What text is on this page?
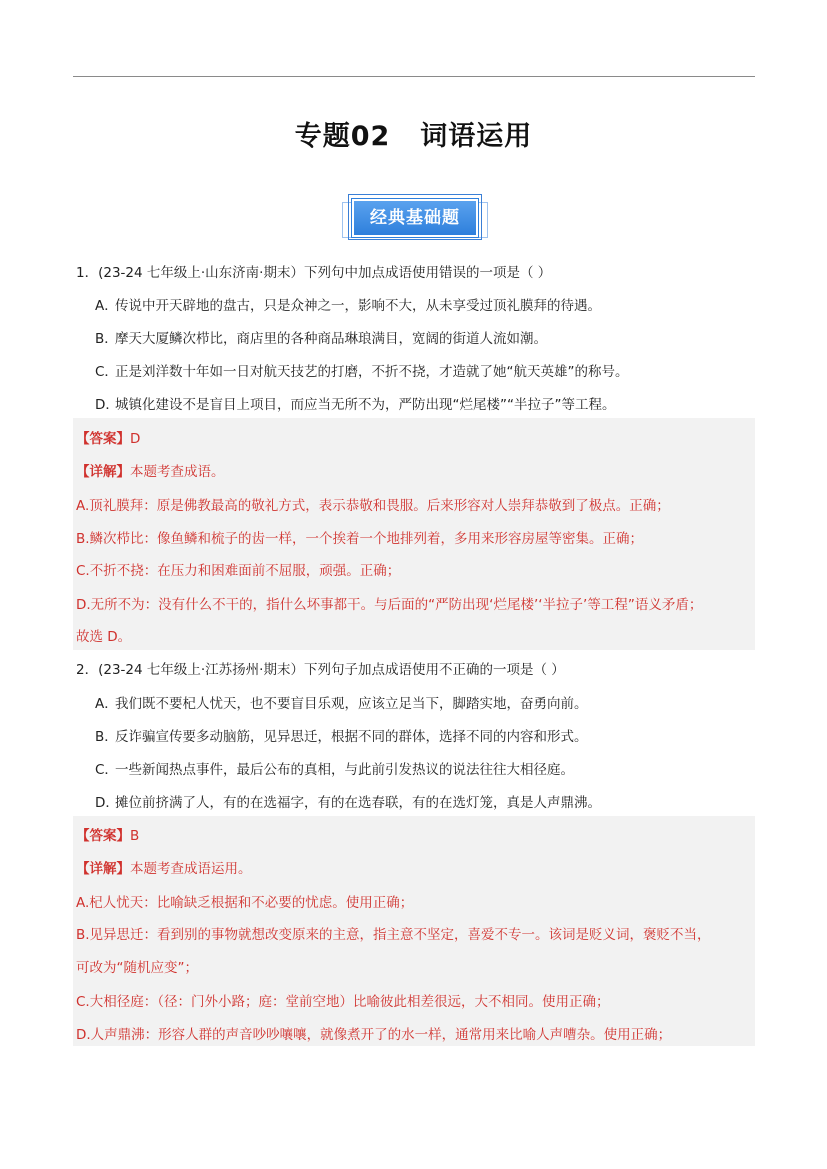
专题02 词语运用
经典基础题
1．(23-24 七年级上·山东济南·期末）下列句中加点成语使用错误的一项是（ ）
A．传说中开天辟地的盘古，只是众神之一，影响不大，从未享受过顶礼膜拜的待遇。
B．摩天大厦鳞次栉比，商店里的各种商品琳琅满目，宽阔的街道人流如潮。
C．正是刘洋数十年如一日对航天技艺的打磨，不折不挠，才造就了她“航天英雄”的称号。
D．城镇化建设不是盲目上项目，而应当无所不为，严防出现“烂尾楼”“半拉子”等工程。
【答案】D
【详解】本题考查成语。
A.顶礼膜拜：原是佛教最高的敬礼方式，表示恭敬和畏服。后来形容对人崇拜恭敬到了极点。正确；
B.鳞次栉比：像鱼鳞和梳子的齿一样，一个挨着一个地排列着，多用来形容房屋等密集。正确；
C.不折不挠：在压力和困难面前不屈服，顽强。正确；
D.无所不为：没有什么不干的，指什么坏事都干。与后面的“严防出现‘烂尾楼’‘半拉子’等工程”语义矛盾；
故选 D。
2．(23-24 七年级上·江苏扬州·期末）下列句子加点成语使用不正确的一项是（ ）
A．我们既不要杞人忧天，也不要盲目乐观，应该立足当下，脚踏实地，奋勇向前。
B．反诈骗宣传要多动脑筋，见异思迁，根据不同的群体，选择不同的内容和形式。
C．一些新闻热点事件，最后公布的真相，与此前引发热议的说法往往大相径庭。
D．摊位前挤满了人，有的在选福字，有的在选春联，有的在选灯笼，真是人声鼎沸。
【答案】B
【详解】本题考查成语运用。
A.杞人忧天：比喻缺乏根据和不必要的忧虑。使用正确；
B.见异思迁：看到别的事物就想改变原来的主意，指主意不坚定，喜爱不专一。该词是贬义词，褒贬不当，
可改为“随机应变”；
C.大相径庭：（径：门外小路；庭：堂前空地）比喻彼此相差很远，大不相同。使用正确；
D.人声鼎沸：形容人群的声音吵吵嚷嚷，就像煮开了的水一样，通常用来比喻人声嘈杂。使用正确；
